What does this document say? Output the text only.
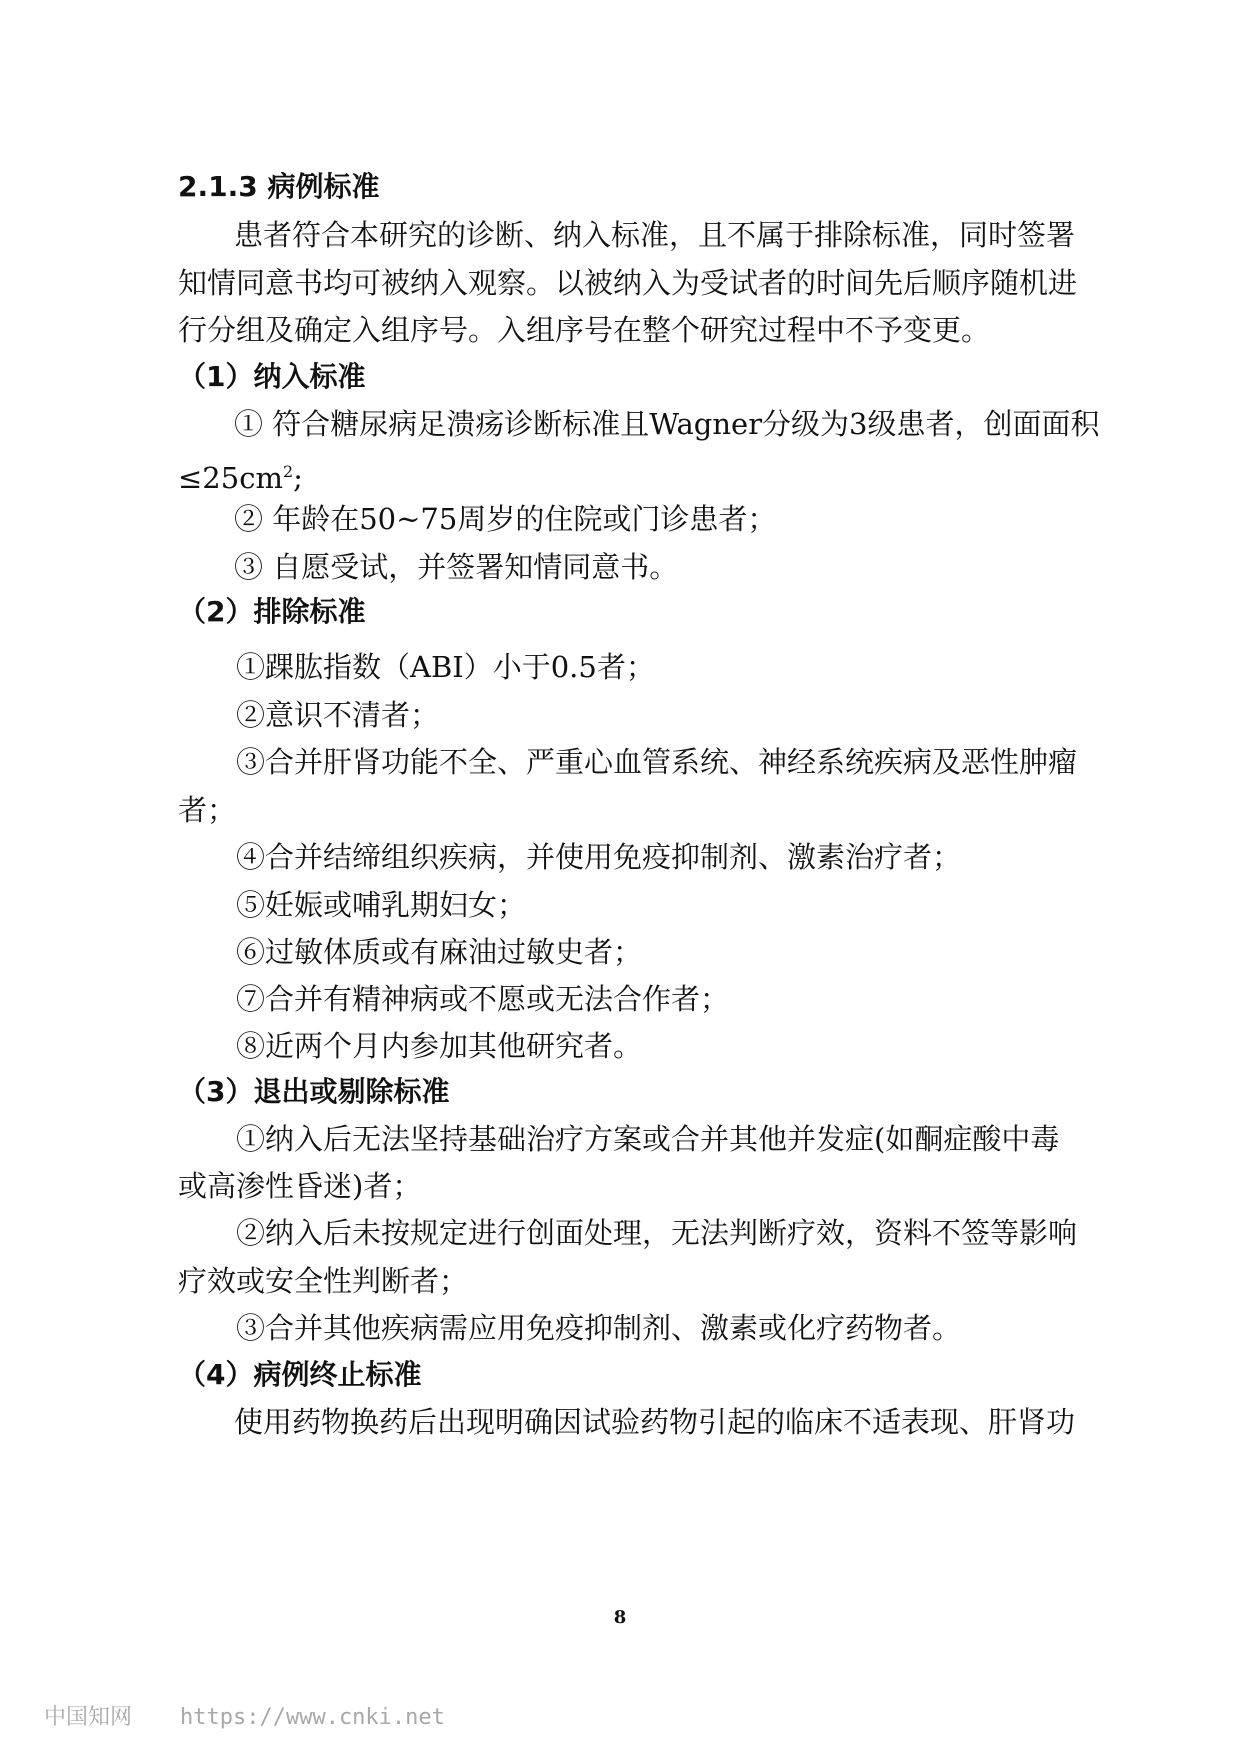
2.1.3 病例标准
患者符合本研究的诊断、纳入标准，且不属于排除标准，同时签署
知情同意书均可被纳入观察。以被纳入为受试者的时间先后顺序随机进
行分组及确定入组序号。入组序号在整个研究过程中不予变更。
（1）纳入标准
① 符合糖尿病足溃疡诊断标准且Wagner分级为3级患者，创面面积
$\le 25cm^2$;
② 年龄在50~75周岁的住院或门诊患者；
③ 自愿受试，并签署知情同意书。
（2）排除标准
①踝肱指数（ABI）小于0.5者；
②意识不清者；
③合并肝肾功能不全、严重心血管系统、神经系统疾病及恶性肿瘤
者；
④合并结缔组织疾病，并使用免疫抑制剂、激素治疗者；
⑤妊娠或哺乳期妇女；
⑥过敏体质或有麻油过敏史者；
⑦合并有精神病或不愿或无法合作者；
⑧近两个月内参加其他研究者。
（3）退出或剔除标准
①纳入后无法坚持基础治疗方案或合并其他并发症(如酮症酸中毒
或高渗性昏迷)者；
②纳入后未按规定进行创面处理，无法判断疗效，资料不签等影响
疗效或安全性判断者；
③合并其他疾病需应用免疫抑制剂、激素或化疗药物者。
（4）病例终止标准
使用药物换药后出现明确因试验药物引起的临床不适表现、肝肾功
8
中国知网 https://www.cnki.net
